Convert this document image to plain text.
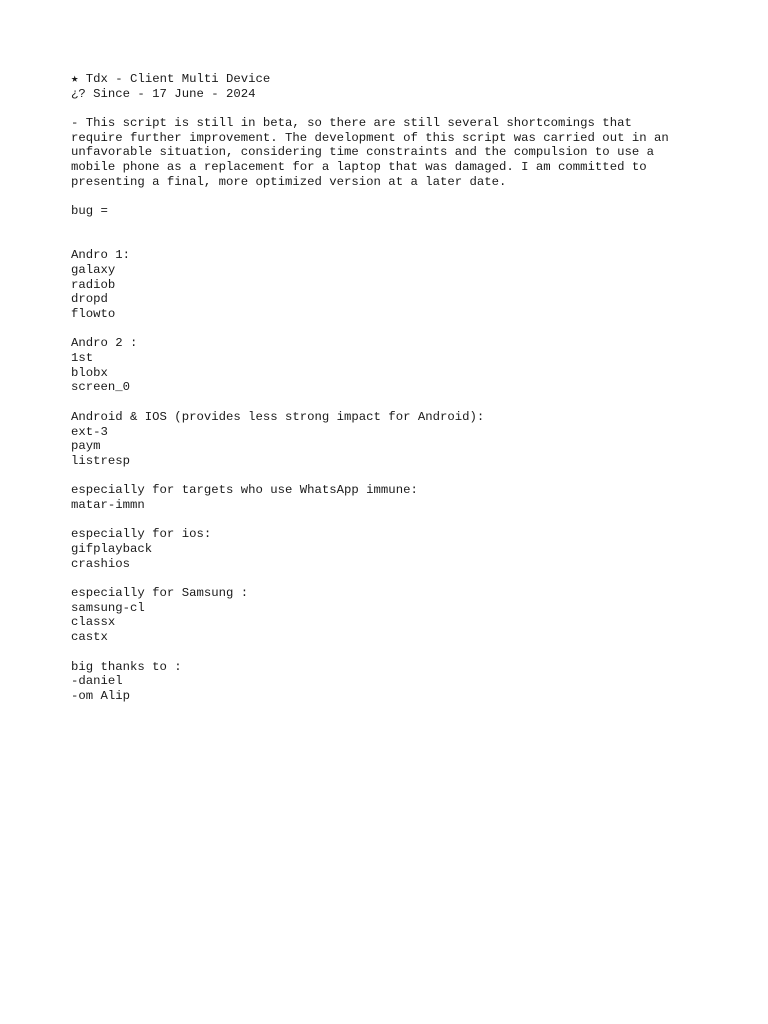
★ Tdx - Client Multi Device
¿? Since - 17 June - 2024
- This script is still in beta, so there are still several shortcomings that
require further improvement. The development of this script was carried out in an
unfavorable situation, considering time constraints and the compulsion to use a
mobile phone as a replacement for a laptop that was damaged. I am committed to
presenting a final, more optimized version at a later date.
bug =
Andro 1:
galaxy
radiob
dropd
flowto
Andro 2 :
1st
blobx
screen_0
Android & IOS (provides less strong impact for Android):
ext-3
paym
listresp
especially for targets who use WhatsApp immune:
matar-immn
especially for ios:
gifplayback
crashios
especially for Samsung :
samsung-cl
classx
castx
big thanks to :
-daniel
-om Alip
